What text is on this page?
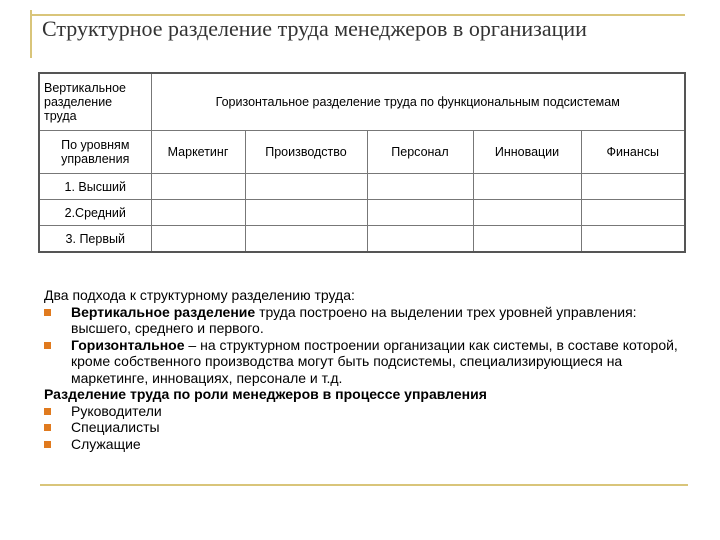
Структурное разделение труда менеджеров в организации
Вертикальное разделение труда	Горизонтальное разделение труда по функциональным подсистемам				
По уровням управления	Маркетинг	Производство	Персонал	Инновации	Финансы
1. Высший					
2.Средний					
3. Первый					

Два подхода к структурному разделению труда:

Вертикальное разделение труда построено на выделении трех уровней управления: высшего, среднего и первого.

Горизонтальное – на структурном построении организации как системы, в составе которой, кроме собственного производства могут быть подсистемы, специализирующиеся на маркетинге, инновациях, персонале и т.д.

Разделение труда по роли менеджеров в процессе управления

Руководители

Специалисты

Служащие
